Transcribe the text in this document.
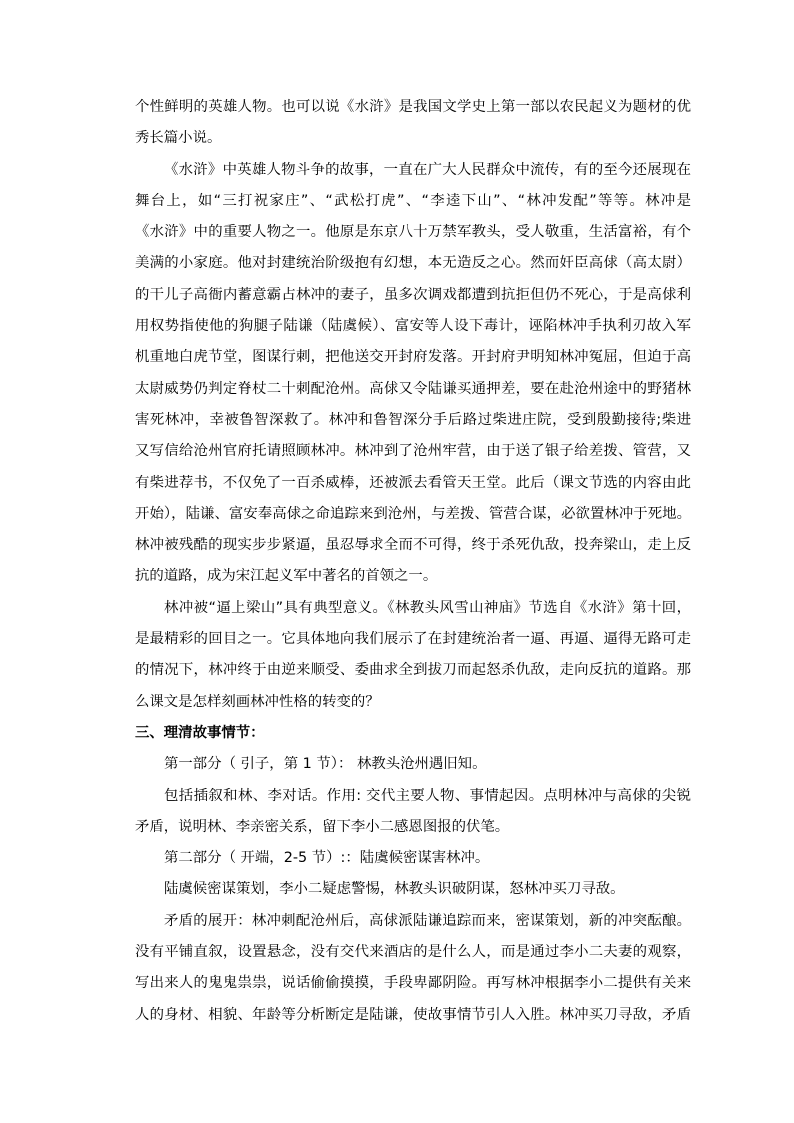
个性鲜明的英雄人物。也可以说《水浒》是我国文学史上第一部以农民起义为题材的优
秀长篇小说。
《水浒》中英雄人物斗争的故事，一直在广大人民群众中流传，有的至今还展现在
舞台上，如“三打祝家庄”、“武松打虎”、“李逵下山”、“林冲发配”等等。林冲是
《水浒》中的重要人物之一。他原是东京八十万禁军教头，受人敬重，生活富裕，有个
美满的小家庭。他对封建统治阶级抱有幻想，本无造反之心。然而奸臣高俅（高太尉）
的干儿子高衙内蓄意霸占林冲的妻子，虽多次调戏都遭到抗拒但仍不死心，于是高俅利
用权势指使他的狗腿子陆谦（陆虞候）、富安等人设下毒计，诬陷林冲手执利刃故入军
机重地白虎节堂，图谋行刺，把他送交开封府发落。开封府尹明知林冲冤屈，但迫于高
太尉威势仍判定脊杖二十刺配沧州。高俅又令陆谦买通押差，要在赴沧州途中的野猪林
害死林冲，幸被鲁智深救了。林冲和鲁智深分手后路过柴进庄院，受到殷勤接待;柴进
又写信给沧州官府托请照顾林冲。林冲到了沧州牢营，由于送了银子给差拨、管营，又
有柴进荐书，不仅免了一百杀威棒，还被派去看管天王堂。此后（课文节选的内容由此
开始），陆谦、富安奉高俅之命追踪来到沧州，与差拨、管营合谋，必欲置林冲于死地。
林冲被残酷的现实步步紧逼，虽忍辱求全而不可得，终于杀死仇敌，投奔梁山，走上反
抗的道路，成为宋江起义军中著名的首领之一。
林冲被“逼上梁山”具有典型意义。《林教头风雪山神庙》节选自《水浒》第十回，
是最精彩的回目之一。它具体地向我们展示了在封建统治者一逼、再逼、逼得无路可走
的情况下，林冲终于由逆来顺受、委曲求全到拔刀而起怒杀仇敌，走向反抗的道路。那
么课文是怎样刻画林冲性格的转变的？
三、理清故事情节：
第一部分（ 引子，第 1 节）： 林教头沧州遇旧知。
包括插叙和林、李对话。作用: 交代主要人物、事情起因。点明林冲与高俅的尖锐
矛盾，说明林、李亲密关系，留下李小二感恩图报的伏笔。
第二部分（ 开端，2-5 节）:：陆虞候密谋害林冲。
陆虞候密谋策划，李小二疑虑警惕，林教头识破阴谋，怒林冲买刀寻敌。
矛盾的展开：林冲刺配沧州后，高俅派陆谦追踪而来，密谋策划，新的冲突酝酿。
没有平铺直叙，设置悬念，没有交代来酒店的是什么人，而是通过李小二夫妻的观察，
写出来人的鬼鬼祟祟，说话偷偷摸摸，手段卑鄙阴险。再写林冲根据李小二提供有关来
人的身材、相貌、年龄等分析断定是陆谦，使故事情节引人入胜。林冲买刀寻敌，矛盾
